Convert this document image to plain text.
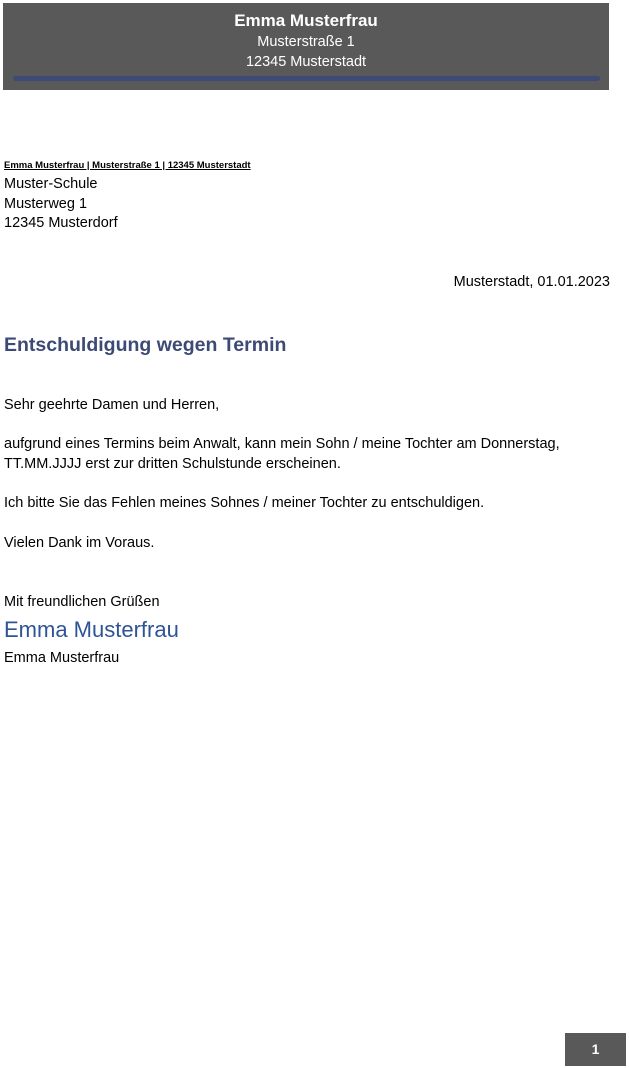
Emma Musterfrau
Musterstraße 1
12345 Musterstadt
Emma Musterfrau | Musterstraße 1 | 12345 Musterstadt
Muster-Schule
Musterweg 1
12345 Musterdorf
Musterstadt, 01.01.2023
Entschuldigung wegen Termin
Sehr geehrte Damen und Herren,
aufgrund eines Termins beim Anwalt, kann mein Sohn / meine Tochter am Donnerstag, TT.MM.JJJJ erst zur dritten Schulstunde erscheinen.
Ich bitte Sie das Fehlen meines Sohnes / meiner Tochter zu entschuldigen.
Vielen Dank im Voraus.
Mit freundlichen Grüßen
Emma Musterfrau
Emma Musterfrau
1
